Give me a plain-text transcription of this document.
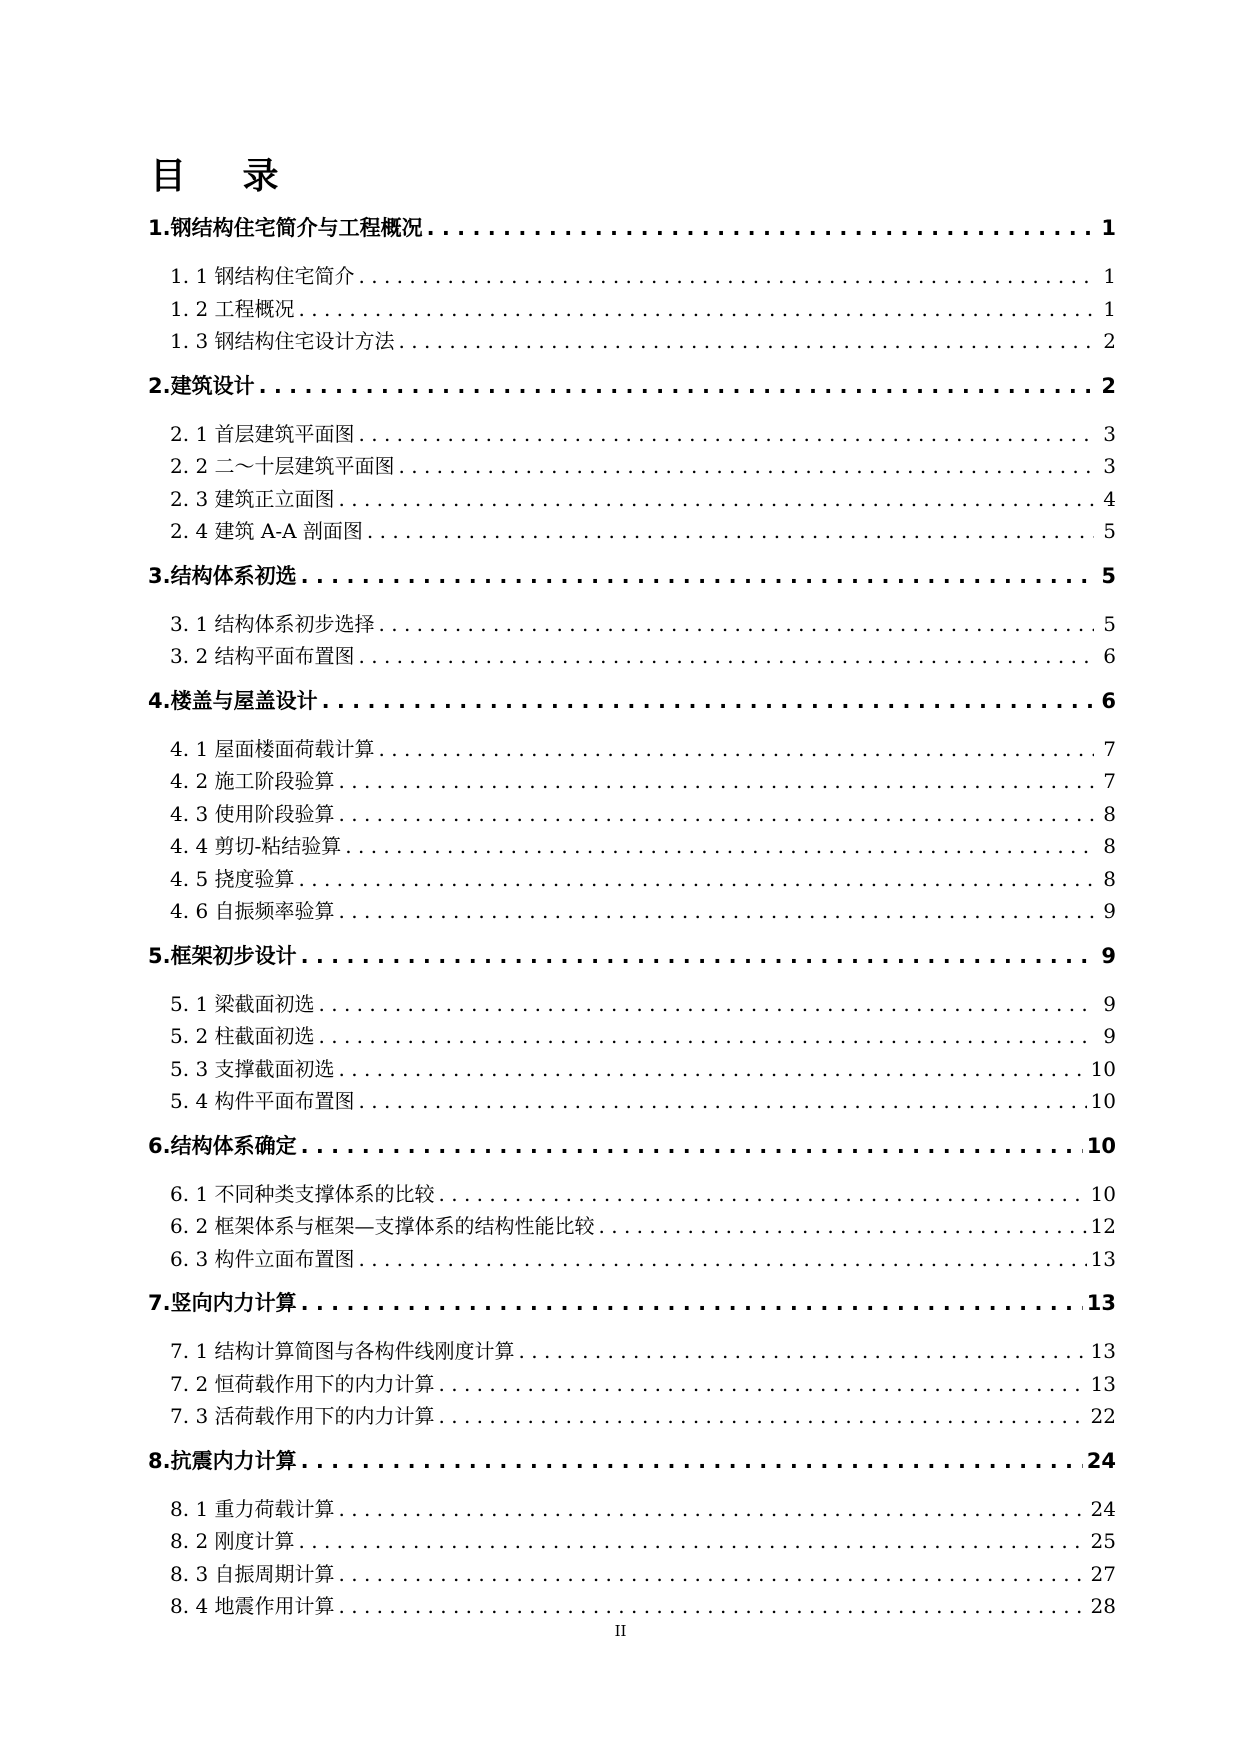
目 录
1.钢结构住宅简介与工程概况 . . .	1
1. 1 钢结构住宅简介 . . .	1
1. 2 工程概况 . . .	1
1. 3 钢结构住宅设计方法 . . .	2
2.建筑设计 . . .	2
2. 1 首层建筑平面图 . . .	3
2. 2 二～十层建筑平面图 . . .	3
2. 3 建筑正立面图 . . .	4
2. 4 建筑 A-A 剖面图 . . .	5
3.结构体系初选 . . .	5
3. 1 结构体系初步选择 . . .	5
3. 2 结构平面布置图 . . .	6
4.楼盖与屋盖设计 . . .	6
4. 1 屋面楼面荷载计算 . . .	7
4. 2 施工阶段验算 . . .	7
4. 3 使用阶段验算 . . .	8
4. 4 剪切-粘结验算 . . .	8
4. 5 挠度验算 . . .	8
4. 6 自振频率验算 . . .	9
5.框架初步设计 . . .	9
5. 1 梁截面初选 . . .	9
5. 2 柱截面初选 . . .	9
5. 3 支撑截面初选 . . .	10
5. 4 构件平面布置图 . . .	10
6.结构体系确定 . . .	10
6. 1 不同种类支撑体系的比较 . . .	10
6. 2 框架体系与框架—支撑体系的结构性能比较 . . .	12
6. 3 构件立面布置图 . . .	13
7.竖向内力计算 . . .	13
7. 1 结构计算简图与各构件线刚度计算 . . .	13
7. 2 恒荷载作用下的内力计算 . . .	13
7. 3 活荷载作用下的内力计算 . . .	22
8.抗震内力计算 . . .	24
8. 1 重力荷载计算 . . .	24
8. 2 刚度计算 . . .	25
8. 3 自振周期计算 . . .	27
8. 4 地震作用计算 . . .	28
II
